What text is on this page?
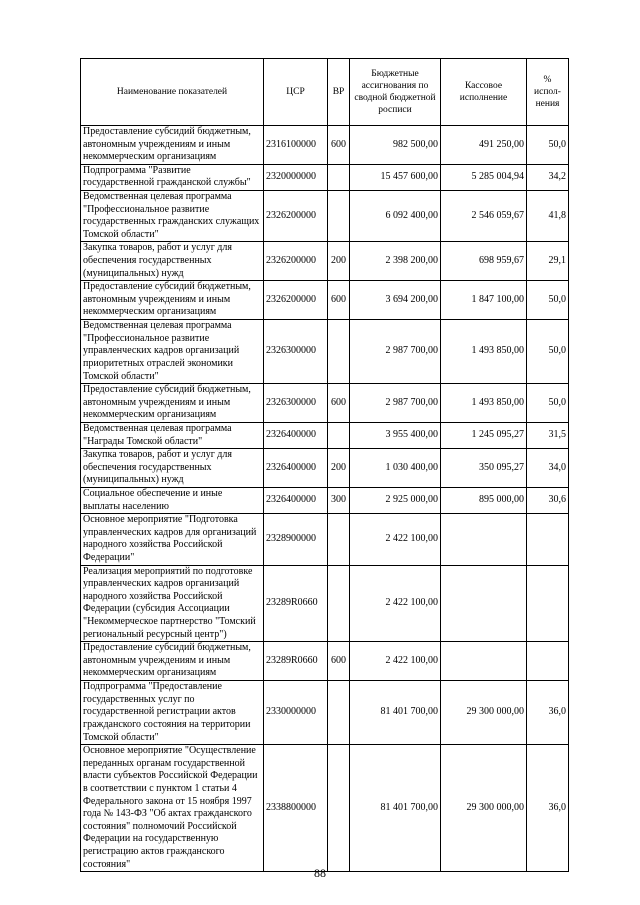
Наименование показателей	ЦСР	ВР	Бюджетные ассигнования по сводной бюджетной росписи	Кассовое исполнение	% испол-нения
Предоставление субсидий бюджетным, автономным учреждениям и иным некоммерческим организациям	2316100000	600	982 500,00	491 250,00	50,0
Подпрограмма "Развитие государственной гражданской службы"	2320000000		15 457 600,00	5 285 004,94	34,2
Ведомственная целевая программа "Профессиональное развитие государственных гражданских служащих Томской области"	2326200000		6 092 400,00	2 546 059,67	41,8
Закупка товаров, работ и услуг для обеспечения государственных (муниципальных) нужд	2326200000	200	2 398 200,00	698 959,67	29,1
Предоставление субсидий бюджетным, автономным учреждениям и иным некоммерческим организациям	2326200000	600	3 694 200,00	1 847 100,00	50,0
Ведомственная целевая программа "Профессиональное развитие управленческих кадров организаций приоритетных отраслей экономики Томской области"	2326300000		2 987 700,00	1 493 850,00	50,0
Предоставление субсидий бюджетным, автономным учреждениям и иным некоммерческим организациям	2326300000	600	2 987 700,00	1 493 850,00	50,0
Ведомственная целевая программа "Награды Томской области"	2326400000		3 955 400,00	1 245 095,27	31,5
Закупка товаров, работ и услуг для обеспечения государственных (муниципальных) нужд	2326400000	200	1 030 400,00	350 095,27	34,0
Социальное обеспечение и иные выплаты населению	2326400000	300	2 925 000,00	895 000,00	30,6
Основное мероприятие "Подготовка управленческих кадров для организаций народного хозяйства Российской Федерации"	2328900000		2 422 100,00		
Реализация мероприятий по подготовке управленческих кадров организаций народного хозяйства Российской Федерации (субсидия Ассоциации "Некоммерческое партнерство "Томский региональный ресурсный центр")	23289R0660		2 422 100,00		
Предоставление субсидий бюджетным, автономным учреждениям и иным некоммерческим организациям	23289R0660	600	2 422 100,00		
Подпрограмма "Предоставление государственных услуг по государственной регистрации актов гражданского состояния на территории Томской области"	2330000000		81 401 700,00	29 300 000,00	36,0
Основное мероприятие "Осуществление переданных органам государственной власти субъектов Российской Федерации в соответствии с пунктом 1 статьи 4 Федерального закона от 15 ноября 1997 года № 143-ФЗ "Об актах гражданского состояния" полномочий Российской Федерации на государственную регистрацию актов гражданского состояния"	2338800000		81 401 700,00	29 300 000,00	36,0
88
